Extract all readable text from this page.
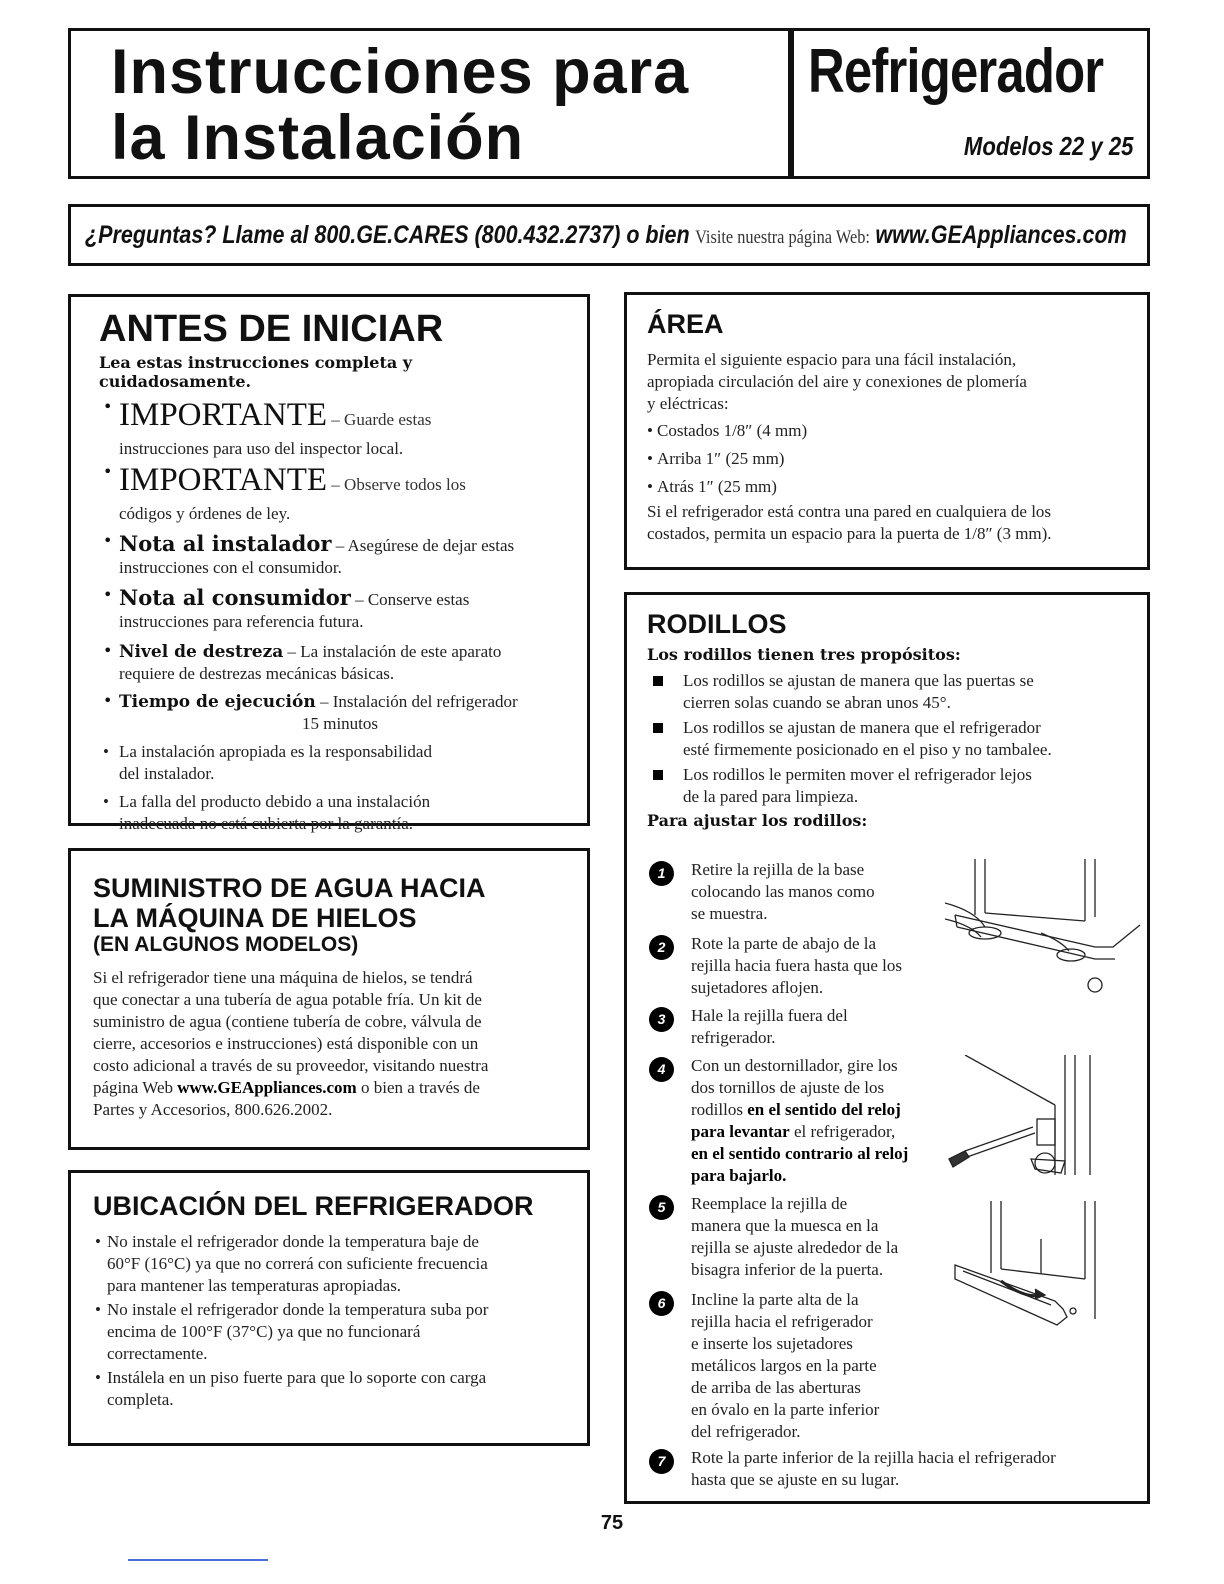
Instrucciones para
la Instalación
Refrigerador
Modelos 22 y 25
¿Preguntas? Llame al 800.GE.CARES (800.432.2737) o bien Visite nuestra página Web: www.GEAppliances.com
ANTES DE INICIAR
Lea estas instrucciones completa y cuidadosamente.
• IMPORTANTE – Guarde estas
instrucciones para uso del inspector local.
• IMPORTANTE – Observe todos los
códigos y órdenes de ley.
• Nota al instalador – Asegúrese de dejar estas
instrucciones con el consumidor.
• Nota al consumidor – Conserve estas
instrucciones para referencia futura.
• Nivel de destreza – La instalación de este aparato
requiere de destrezas mecánicas básicas.
• Tiempo de ejecución – Instalación del refrigerador

15 minutos
• La instalación apropiada es la responsabilidad
del instalador.
• La falla del producto debido a una instalación
inadecuada no está cubierta por la garantía.
SUMINISTRO DE AGUA HACIA
LA MÁQUINA DE HIELOS
(EN ALGUNOS MODELOS)
Si el refrigerador tiene una máquina de hielos, se tendrá
que conectar a una tubería de agua potable fría. Un kit de
suministro de agua (contiene tubería de cobre, válvula de
cierre, accesorios e instrucciones) está disponible con un
costo adicional a través de su proveedor, visitando nuestra
página Web www.GEAppliances.com o bien a través de
Partes y Accesorios, 800.626.2002.
UBICACIÓN DEL REFRIGERADOR
• No instale el refrigerador donde la temperatura baje de
60°F (16°C) ya que no correrá con suficiente frecuencia
para mantener las temperaturas apropiadas.
• No instale el refrigerador donde la temperatura suba por
encima de 100°F (37°C) ya que no funcionará
correctamente.
• Instálela en un piso fuerte para que lo soporte con carga
completa.
ÁREA
Permita el siguiente espacio para una fácil instalación,
apropiada circulación del aire y conexiones de plomería
y eléctricas:
• Costados 1/8″ (4 mm)
• Arriba 1″ (25 mm)
• Atrás 1″ (25 mm)
Si el refrigerador está contra una pared en cualquiera de los
costados, permita un espacio para la puerta de 1/8″ (3 mm).
RODILLOS
Los rodillos tienen tres propósitos:
Los rodillos se ajustan de manera que las puertas se
cierren solas cuando se abran unos 45°.
Los rodillos se ajustan de manera que el refrigerador
esté firmemente posicionado en el piso y no tambalee.
Los rodillos le permiten mover el refrigerador lejos
de la pared para limpieza.
Para ajustar los rodillos:
1	Retire la rejilla de la base
colocando las manos como
se muestra.
2	Rote la parte de abajo de la
rejilla hacia fuera hasta que los
sujetadores aflojen.
3	Hale la rejilla fuera del
refrigerador.
4	Con un destornillador, gire los
dos tornillos de ajuste de los
rodillos en el sentido del reloj
para levantar el refrigerador,
en el sentido contrario al reloj
para bajarlo.
5	Reemplace la rejilla de
manera que la muesca en la
rejilla se ajuste alrededor de la
bisagra inferior de la puerta.
6	Incline la parte alta de la
rejilla hacia el refrigerador
e inserte los sujetadores
metálicos largos en la parte
de arriba de las aberturas
en óvalo en la parte inferior
del refrigerador.
7	Rote la parte inferior de la rejilla hacia el refrigerador
hasta que se ajuste en su lugar.
75
